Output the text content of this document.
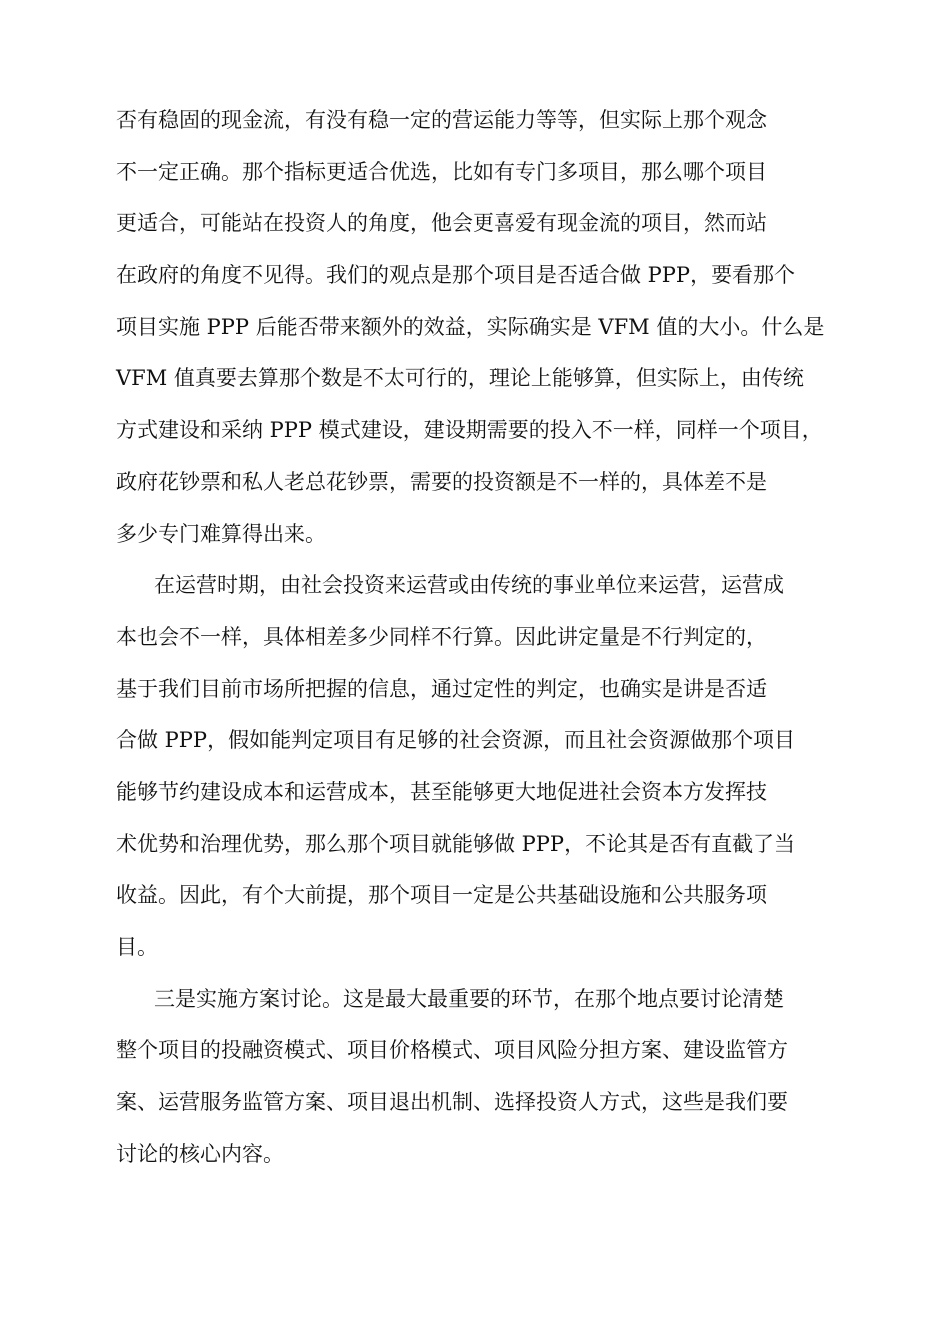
否有稳固的现金流，有没有稳一定的营运能力等等，但实际上那个观念
不一定正确。那个指标更适合优选，比如有专门多项目，那么哪个项目
更适合，可能站在投资人的角度，他会更喜爱有现金流的项目，然而站
在政府的角度不见得。我们的观点是那个项目是否适合做 PPP，要看那个
项目实施 PPP 后能否带来额外的效益，实际确实是 VFM 值的大小。什么是
VFM 值真要去算那个数是不太可行的，理论上能够算，但实际上，由传统
方式建设和采纳 PPP 模式建设，建设期需要的投入不一样，同样一个项目，
政府花钞票和私人老总花钞票，需要的投资额是不一样的，具体差不是
多少专门难算得出来。
在运营时期，由社会投资来运营或由传统的事业单位来运营，运营成
本也会不一样，具体相差多少同样不行算。因此讲定量是不行判定的，
基于我们目前市场所把握的信息，通过定性的判定，也确实是讲是否适
合做 PPP，假如能判定项目有足够的社会资源，而且社会资源做那个项目
能够节约建设成本和运营成本，甚至能够更大地促进社会资本方发挥技
术优势和治理优势，那么那个项目就能够做 PPP，不论其是否有直截了当
收益。因此，有个大前提，那个项目一定是公共基础设施和公共服务项
目。
三是实施方案讨论。这是最大最重要的环节，在那个地点要讨论清楚
整个项目的投融资模式、项目价格模式、项目风险分担方案、建设监管方
案、运营服务监管方案、项目退出机制、选择投资人方式，这些是我们要
讨论的核心内容。
